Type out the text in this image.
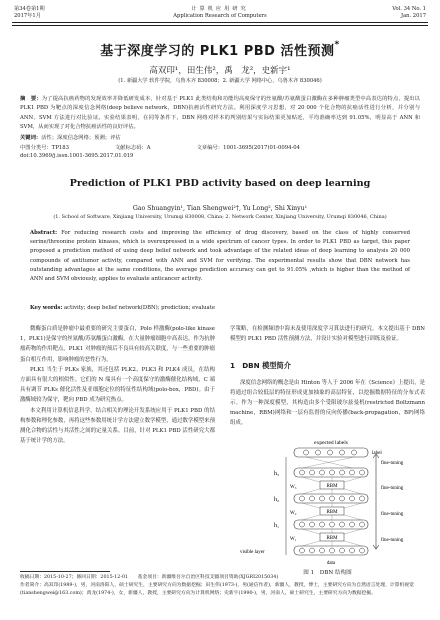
第34卷第1期
2017年1月
计算机应用研究
Application Research of Computers
Vol. 34 No. 1
Jan. 2017
基于深度学习的 PLK1 PBD 活性预测*
高双印¹，田生伟²，禹　龙²，史新宇¹
(1. 新疆大学 软件学院，乌鲁木齐 830008；2. 新疆大学 网络中心，乌鲁木齐 830046)
摘　要：为了提高抗癌药物的发现效率并降低研发成本，针对基于 PLK1 此类结构和功能均高度保守的丝氨酸/苏氨酸蛋白激酶在多种肿瘤类型中高表达的特点，提出以 PLK1 PBD 为靶点的深度信念网络(deep believe network，DBN)抗癌活性研究方法。利用深度学习思想，对 20 000 个化合物的抗癌活性进行分析，并分别与 ANN、SVM 方法进行对比验证。实验结果表明，在同等条件下，DBN 网络对样本的判别结果与实际结果更加贴近，平均准确率达到 91.05%，明显高于 ANN 和 SVM，从而实现了对化合物抗癌活性的良好评估。
关键词：活性；深度信念网络；预测；评估
中图分类号：TP183	文献标志码：A	文章编号：1001-3695(2017)01-0094-04
doi:10.3969/j.issn.1001-3695.2017.01.019
Prediction of PLK1 PBD activity based on deep learning
Gao Shuangyin¹, Tian Shengwei²†, Yu Long², Shi Xinyu¹
(1. School of Software, Xinjiang University, Urumqi 830008, China; 2. Network Center, Xinjiang University, Urumqi 830046, China)
Abstract: For reducing research costs and improving the efficiency of drug discovery, based on the class of highly conserved serine/threonine protein kinases, which is overexpressed in a wide spectrum of cancer types. In order to PLK1 PBD as target, this paper proposed a prediction method of using deep belief network and took advantage of the related ideas of deep learning to analysis 20 000 compounds of antitumor activity, compared with ANN and SVM for verifying. The experimental results show that DBN network has outstanding advantages at the same conditions, the average prediction accuracy can get to 91.05% ,which is higher than the method of ANN and SVM obviously, applies to evaluate anticancer activity.
Key words: activity; deep belief network(DBN); prediction; evaluate

微酶蛋白质是肿瘤中最重要的研究主要蛋白，Polo 样激酶(polo-like kinase 1，PLK1)是保守的丝氨酸/苏氨酸蛋白激酶，在大量肿瘤细胞中高表达。作为抗肿瘤药物的作用靶点，PLK1 对肿瘤的预后不良具有较高关联度，与一些重要的肿瘤蛋白相互作用，影响肿瘤的恶性行为。

PLK1 当生于 PLKs 家族，其还包括 PLK2、PLK3 和 PLK4 成员，在结构方面具有很大的相似性。它们的 N 端具有一个高度保守的激酶催化结构域，C 端具有调节 PLKs 催化活性及亚细胞定位的特征性结构域(polo-box，PBD)。由于激酶域较为保守，靶向 PBD 成为研究热点。

本文利用计算机信息科学，结合相关的理论开发系统应用于 PLK1 PBD 的结构参数和理化参数，再将这些参数用统计学方法建立数学模型，通过数学模型来预测化合物的活性与其活性之间的定量关系。目前，针对 PLK1 PBD 活性研究大都基于统计学的方法。

学策略，在检测频谱中海未及使用深度学习算法进行的研究。本文提出基于 DBN 模型的 PLK1 PBD 活性预测方法，并设计实验对模型进行训练及验证。

1　DBN 模型简介

深度信念网络的概念是由 Hinton 等人于 2006 年在《Science》上提出，是将通过组合较低层的特征形成更加抽象的高层特征，以挖掘数据特征的分布式表示。作为一种深度模型，其构造由多个受限玻尔兹曼机(restricted Boltzmann machine，RBM)网络和一层有监督的反向传播(back-propagation，BP)网络组成。

expected labels
label
h₃
h₂
h₁
RBM
RBM
RBM
W₃
W₂
W₁
fine-tuning
fine-tuning
fine-tuning
fine-tuning
visible layer
data
图 1　DBN 结构图
收稿日期：2015-10-27；修回日期：2015-12-01　　基金项目：新疆维吾尔自治区科技支疆项目资助(XJGRI2015034)
作者简介：高双印(1989-)，男，河南洛阳人，硕士研究生，主要研究方向为数据挖掘；田生伟(1973-)，男(通信作者)，新疆人，教授，博士，主要研究方向为自然语言处理、计算机视觉(tianshengwei@163.com)；禹龙(1974-)，女，新疆人，教授，主要研究方向为计算机网络；史新宇(1990-)，男，河南人，硕士研究生，主要研究方向为数据挖掘。
